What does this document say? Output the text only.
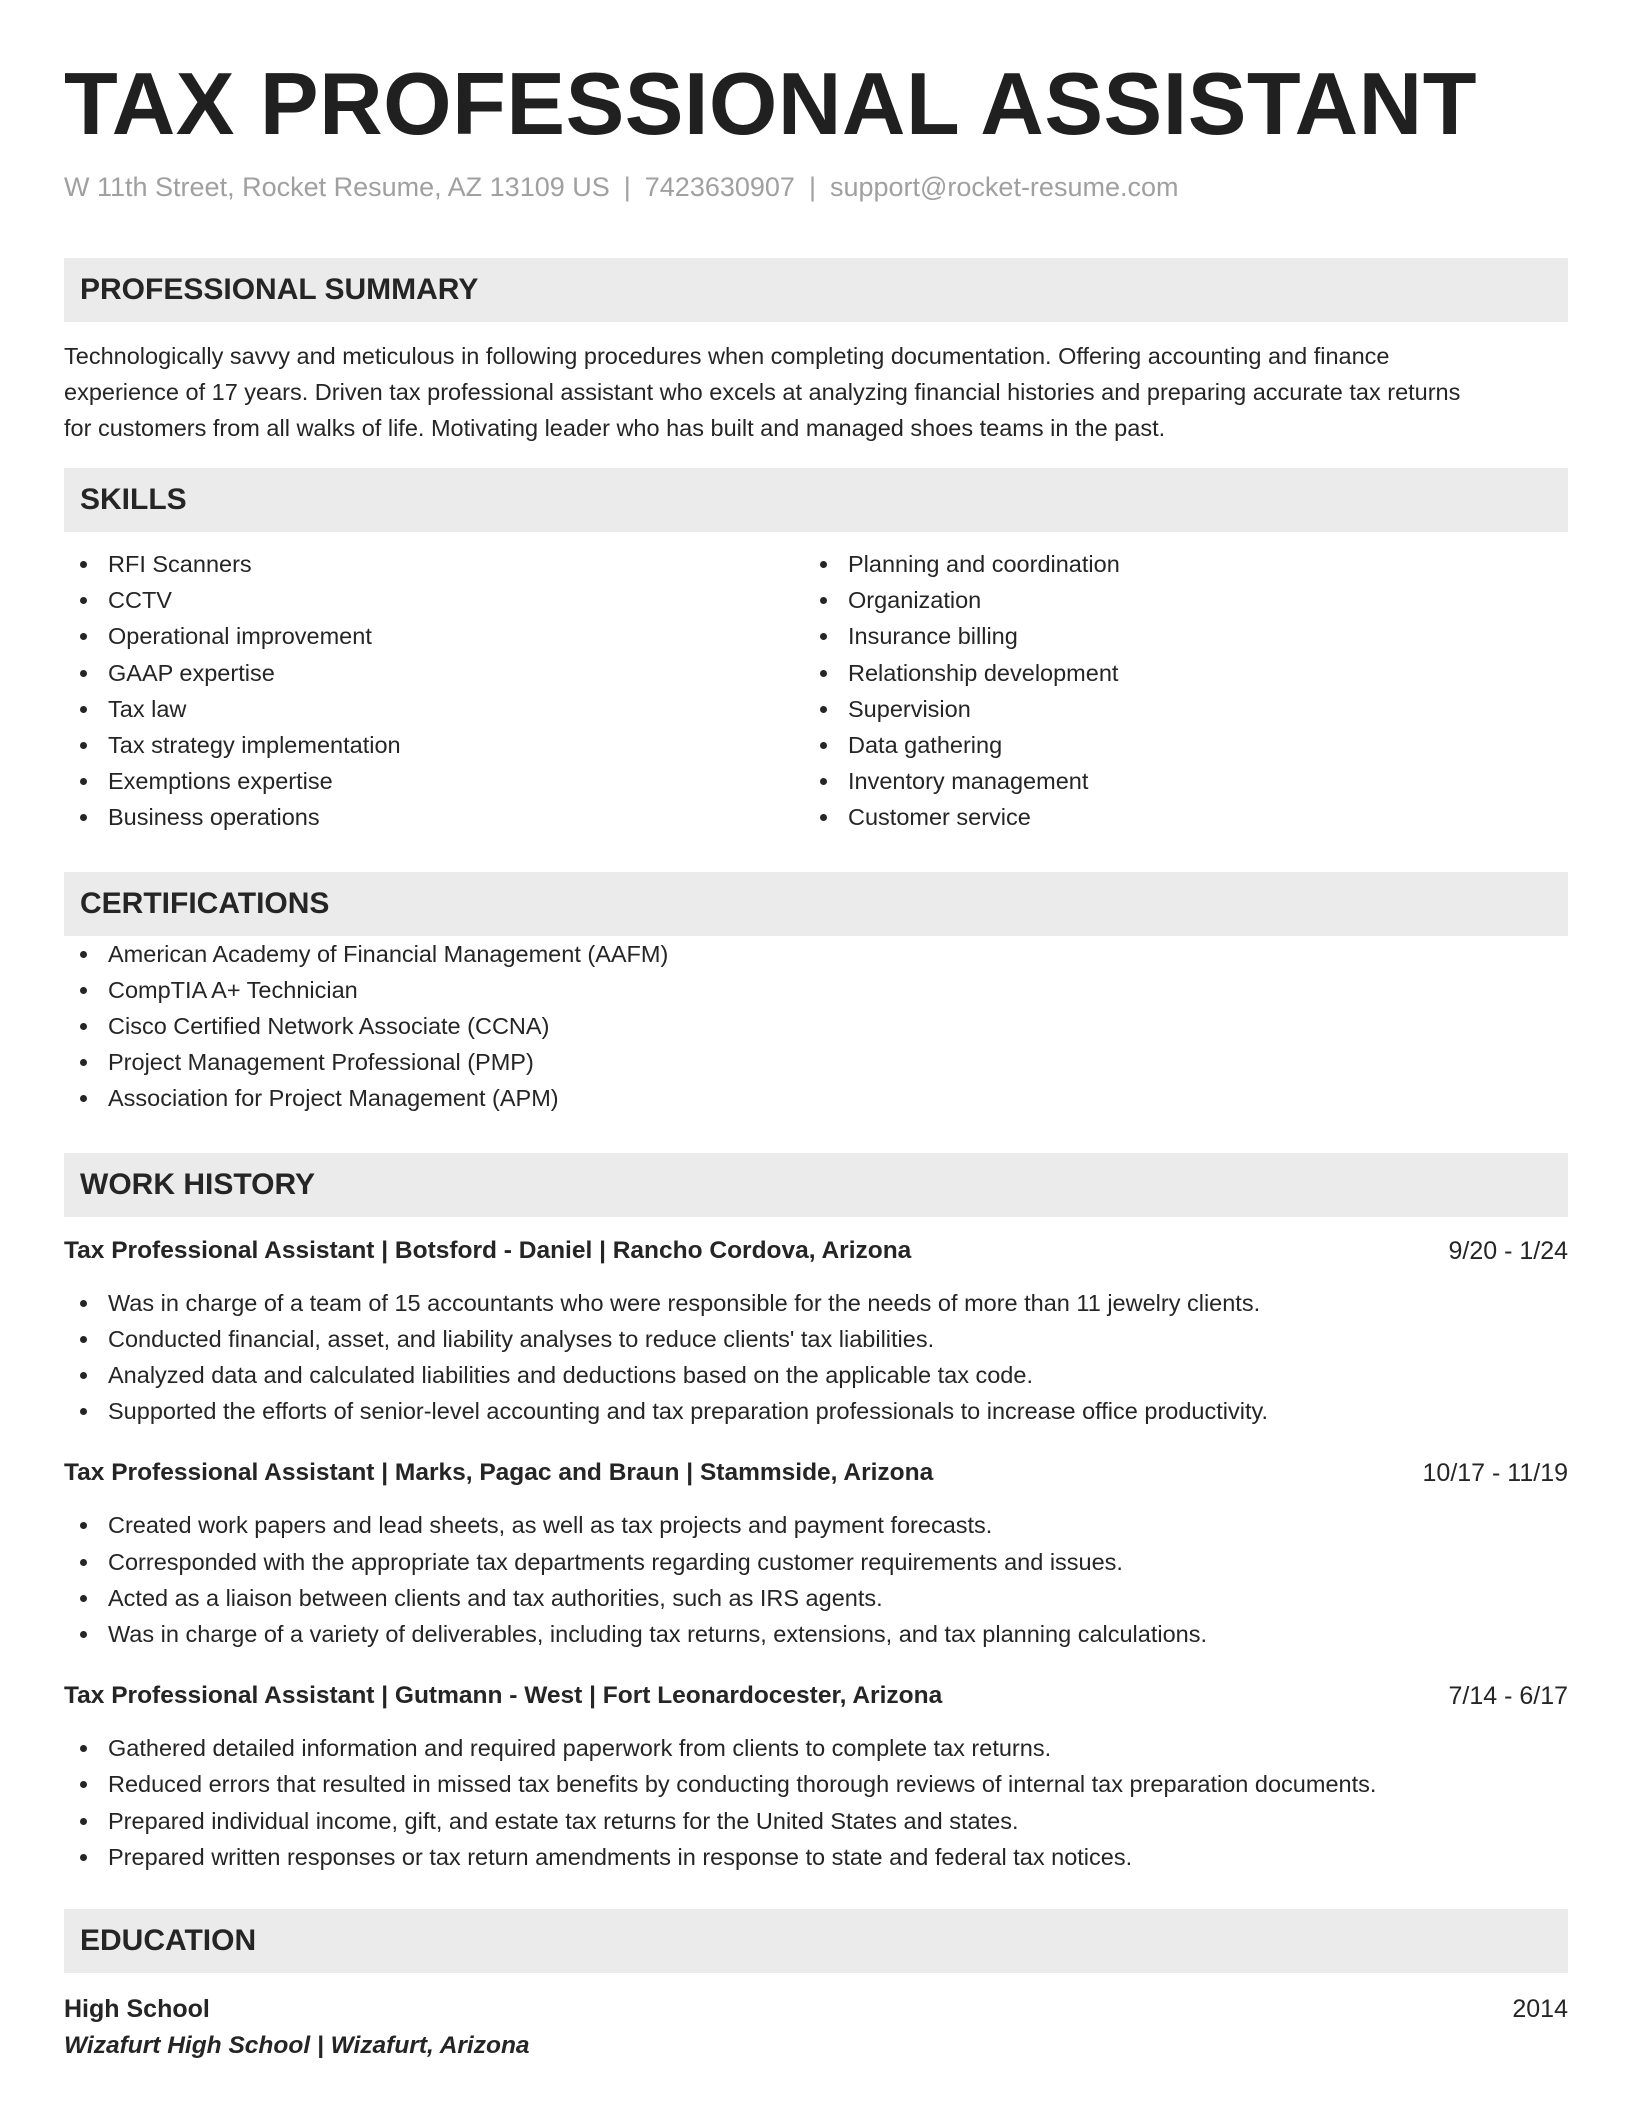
TAX PROFESSIONAL ASSISTANT
W 11th Street, Rocket Resume, AZ 13109 US | 7423630907 | support@rocket-resume.com
PROFESSIONAL SUMMARY
Technologically savvy and meticulous in following procedures when completing documentation. Offering accounting and finance
experience of 17 years. Driven tax professional assistant who excels at analyzing financial histories and preparing accurate tax returns
for customers from all walks of life. Motivating leader who has built and managed shoes teams in the past.
SKILLS
RFI Scanners
CCTV
Operational improvement
GAAP expertise
Tax law
Tax strategy implementation
Exemptions expertise
Business operations
Planning and coordination
Organization
Insurance billing
Relationship development
Supervision
Data gathering
Inventory management
Customer service
CERTIFICATIONS
American Academy of Financial Management (AAFM)
CompTIA A+ Technician
Cisco Certified Network Associate (CCNA)
Project Management Professional (PMP)
Association for Project Management (APM)
WORK HISTORY
Tax Professional Assistant | Botsford - Daniel | Rancho Cordova, Arizona	9/20 - 1/24
Was in charge of a team of 15 accountants who were responsible for the needs of more than 11 jewelry clients.
Conducted financial, asset, and liability analyses to reduce clients' tax liabilities.
Analyzed data and calculated liabilities and deductions based on the applicable tax code.
Supported the efforts of senior-level accounting and tax preparation professionals to increase office productivity.
Tax Professional Assistant | Marks, Pagac and Braun | Stammside, Arizona	10/17 - 11/19
Created work papers and lead sheets, as well as tax projects and payment forecasts.
Corresponded with the appropriate tax departments regarding customer requirements and issues.
Acted as a liaison between clients and tax authorities, such as IRS agents.
Was in charge of a variety of deliverables, including tax returns, extensions, and tax planning calculations.
Tax Professional Assistant | Gutmann - West | Fort Leonardocester, Arizona	7/14 - 6/17
Gathered detailed information and required paperwork from clients to complete tax returns.
Reduced errors that resulted in missed tax benefits by conducting thorough reviews of internal tax preparation documents.
Prepared individual income, gift, and estate tax returns for the United States and states.
Prepared written responses or tax return amendments in response to state and federal tax notices.
EDUCATION
High School	2014
Wizafurt High School | Wizafurt, Arizona
